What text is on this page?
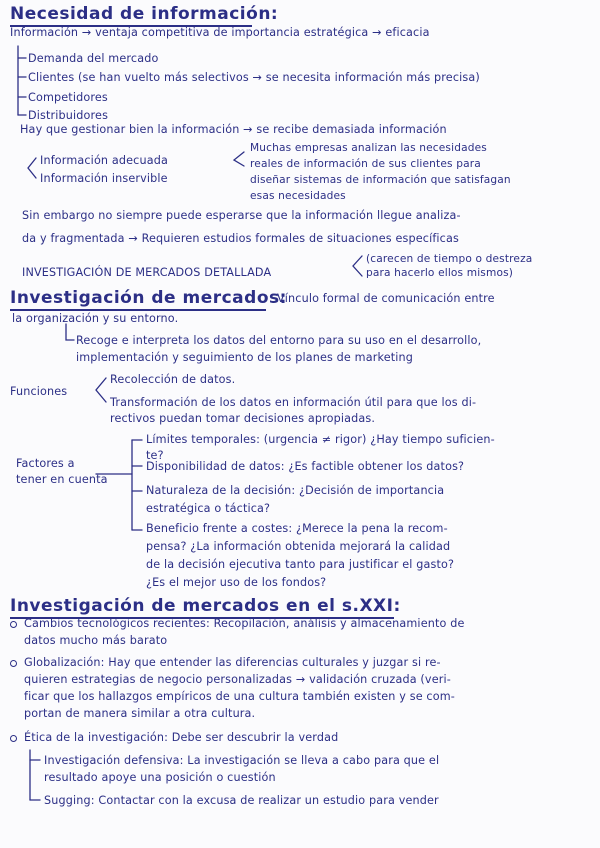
Necesidad de información:
Información → ventaja competitiva de importancia estratégica → eficacia
Demanda del mercado
Clientes (se han vuelto más selectivos → se necesita información más precisa)
Competidores
Distribuidores
Hay que gestionar bien la información → se recibe demasiada información
Información adecuada
Información inservible
Muchas empresas analizan las necesidades
reales de información de sus clientes para
diseñar sistemas de información que satisfagan
esas necesidades
Sin embargo no siempre puede esperarse que la información llegue analiza-
da y fragmentada → Requieren estudios formales de situaciones específicas
INVESTIGACIÓN DE MERCADOS DETALLADA
(carecen de tiempo o destreza
para hacerlo ellos mismos)
Investigación de mercados:
Vínculo formal de comunicación entre
la organización y su entorno.
Recoge e interpreta los datos del entorno para su uso en el desarrollo,
implementación y seguimiento de los planes de marketing
Funciones
Recolección de datos.
Transformación de los datos en información útil para que los di-
rectivos puedan tomar decisiones apropiadas.
Factores a
tener en cuenta
Límites temporales: (urgencia ≠ rigor) ¿Hay tiempo suficien-
te?
Disponibilidad de datos: ¿Es factible obtener los datos?
Naturaleza de la decisión: ¿Decisión de importancia
estratégica o táctica?
Beneficio frente a costes: ¿Merece la pena la recom-
pensa? ¿La información obtenida mejorará la calidad
de la decisión ejecutiva tanto para justificar el gasto?
¿Es el mejor uso de los fondos?
Investigación de mercados en el s.XXI:
Cambios tecnológicos recientes: Recopilación, análisis y almacenamiento de
datos mucho más barato
Globalización: Hay que entender las diferencias culturales y juzgar si re-
quieren estrategias de negocio personalizadas → validación cruzada (veri-
ficar que los hallazgos empíricos de una cultura también existen y se com-
portan de manera similar a otra cultura.
Ética de la investigación: Debe ser descubrir la verdad
Investigación defensiva: La investigación se lleva a cabo para que el
resultado apoye una posición o cuestión
Sugging: Contactar con la excusa de realizar un estudio para vender
